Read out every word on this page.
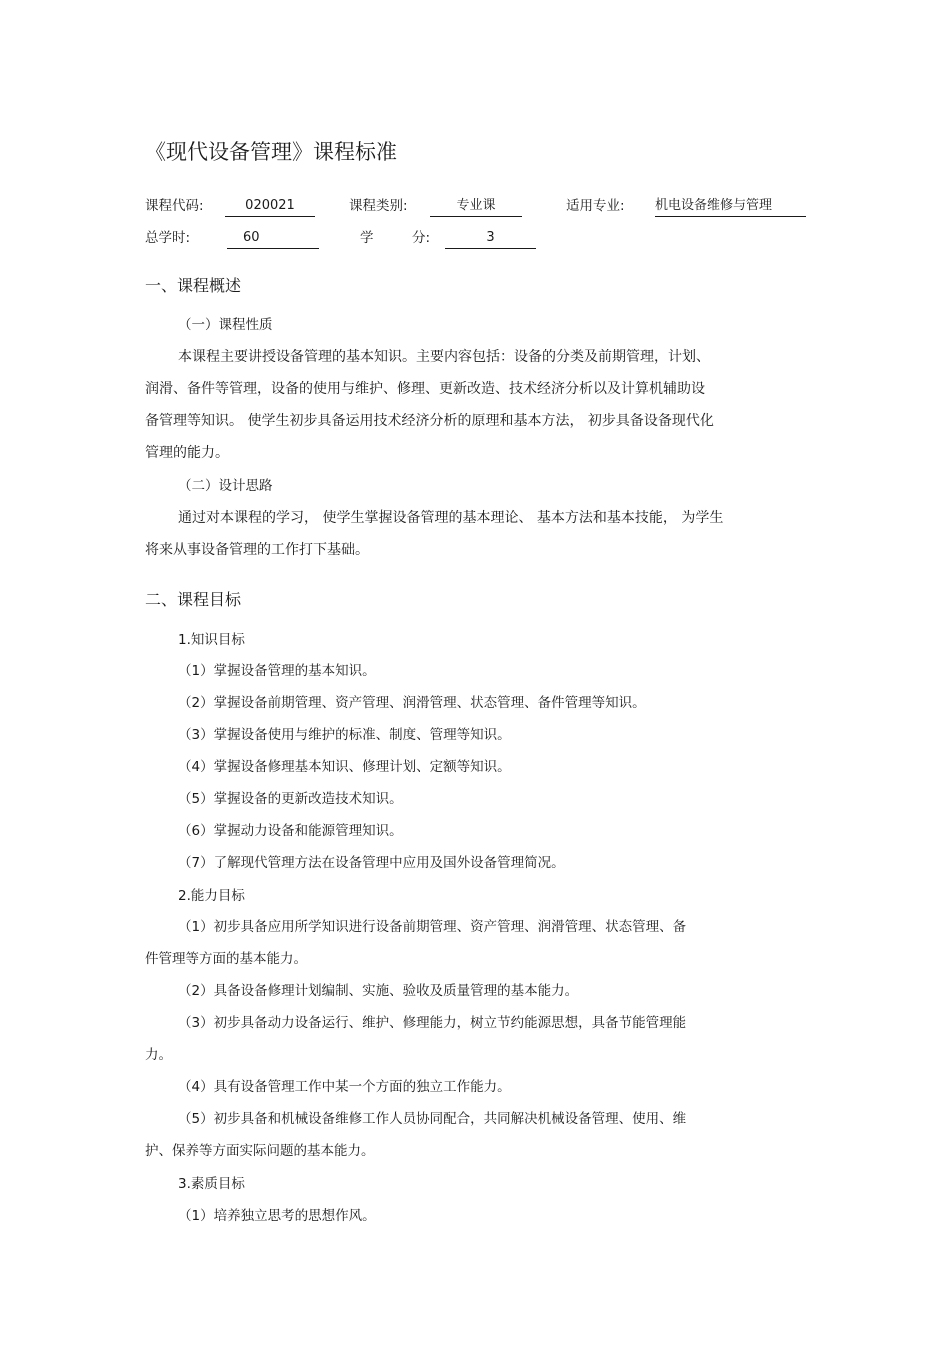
《现代设备管理》课程标准
课程代码:	020021	课程类别:	专业课	适用专业: 机电设备维修与管理
总学时:	60	学	分:	3
一、课程概述
（一）课程性质
本课程主要讲授设备管理的基本知识。主要内容包括：设备的分类及前期管理，计划、
润滑、备件等管理，设备的使用与维护、修理、更新改造、技术经济分析以及计算机辅助设
备管理等知识。 使学生初步具备运用技术经济分析的原理和基本方法， 初步具备设备现代化
管理的能力。
（二）设计思路
通过对本课程的学习， 使学生掌握设备管理的基本理论、 基本方法和基本技能， 为学生
将来从事设备管理的工作打下基础。
二、课程目标
1.知识目标
（1）掌握设备管理的基本知识。
（2）掌握设备前期管理、资产管理、润滑管理、状态管理、备件管理等知识。
（3）掌握设备使用与维护的标准、制度、管理等知识。
（4）掌握设备修理基本知识、修理计划、定额等知识。
（5）掌握设备的更新改造技术知识。
（6）掌握动力设备和能源管理知识。
（7）了解现代管理方法在设备管理中应用及国外设备管理简况。
2.能力目标
（1）初步具备应用所学知识进行设备前期管理、资产管理、润滑管理、状态管理、备
件管理等方面的基本能力。
（2）具备设备修理计划编制、实施、验收及质量管理的基本能力。
（3）初步具备动力设备运行、维护、修理能力，树立节约能源思想，具备节能管理能
力。
（4）具有设备管理工作中某一个方面的独立工作能力。
（5）初步具备和机械设备维修工作人员协同配合，共同解决机械设备管理、使用、维
护、保养等方面实际问题的基本能力。
3.素质目标
（1）培养独立思考的思想作风。
